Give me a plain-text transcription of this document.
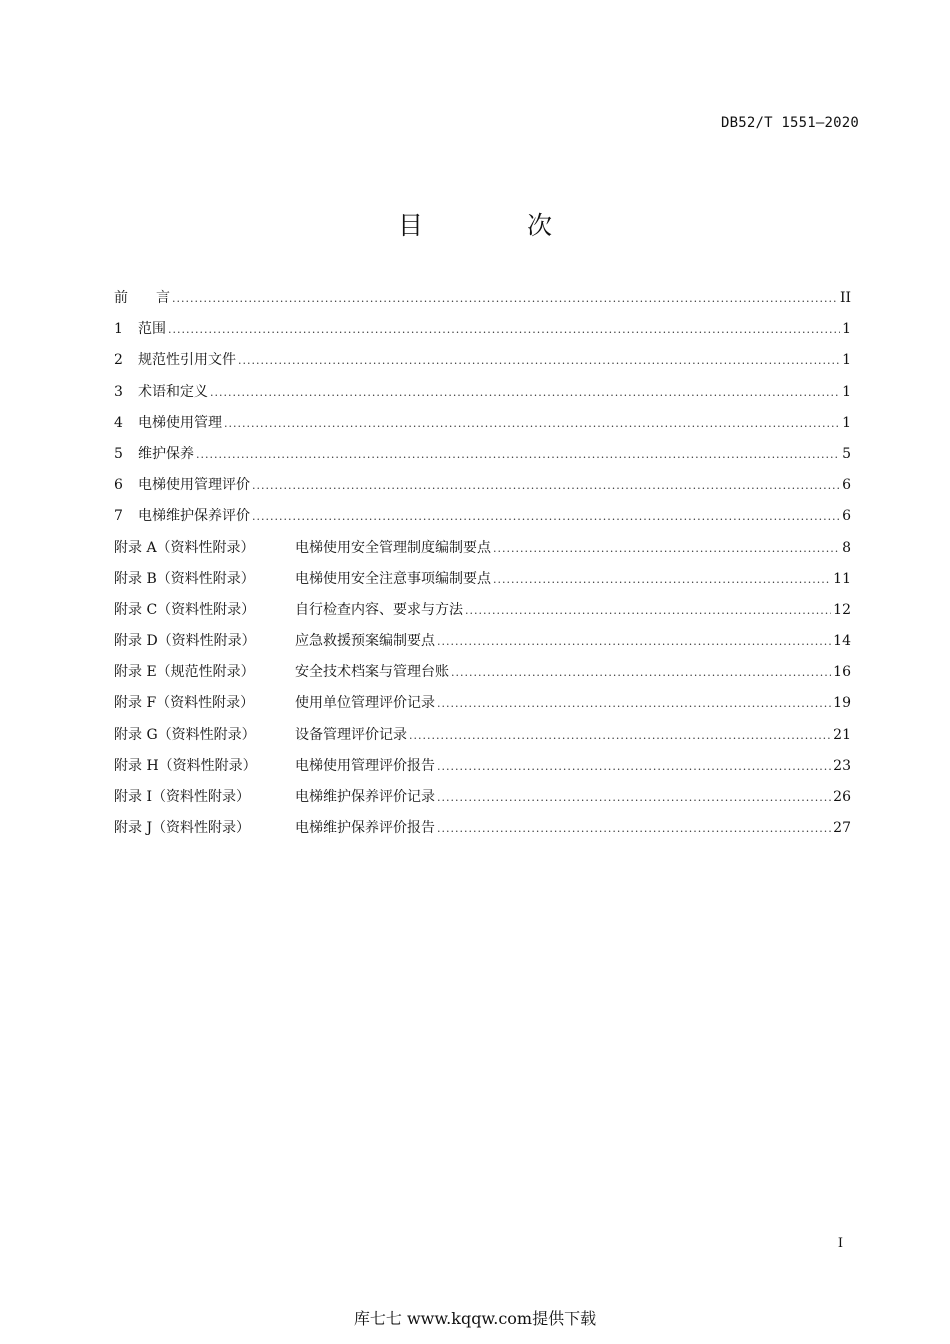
DB52/T 1551—2020
目 次
前　　言 .....	II
1	范围 .....	1
2	规范性引用文件 .....	1
3	术语和定义 .....	1
4	电梯使用管理 .....	1
5	维护保养 .....	5
6	电梯使用管理评价 .....	6
7	电梯维护保养评价 .....	6
附录 A（资料性附录）	电梯使用安全管理制度编制要点 .....	8
附录 B（资料性附录）	电梯使用安全注意事项编制要点 .....	11
附录 C（资料性附录）	自行检查内容、要求与方法 .....	12
附录 D（资料性附录）	应急救援预案编制要点 .....	14
附录 E（规范性附录）	安全技术档案与管理台账 .....	16
附录 F（资料性附录）	使用单位管理评价记录 .....	19
附录 G（资料性附录）	设备管理评价记录 .....	21
附录 H（资料性附录）	电梯使用管理评价报告 .....	23
附录 I（资料性附录）	电梯维护保养评价记录 .....	26
附录 J（资料性附录）	电梯维护保养评价报告 .....	27
I
库七七 www.kqqw.com提供下载
